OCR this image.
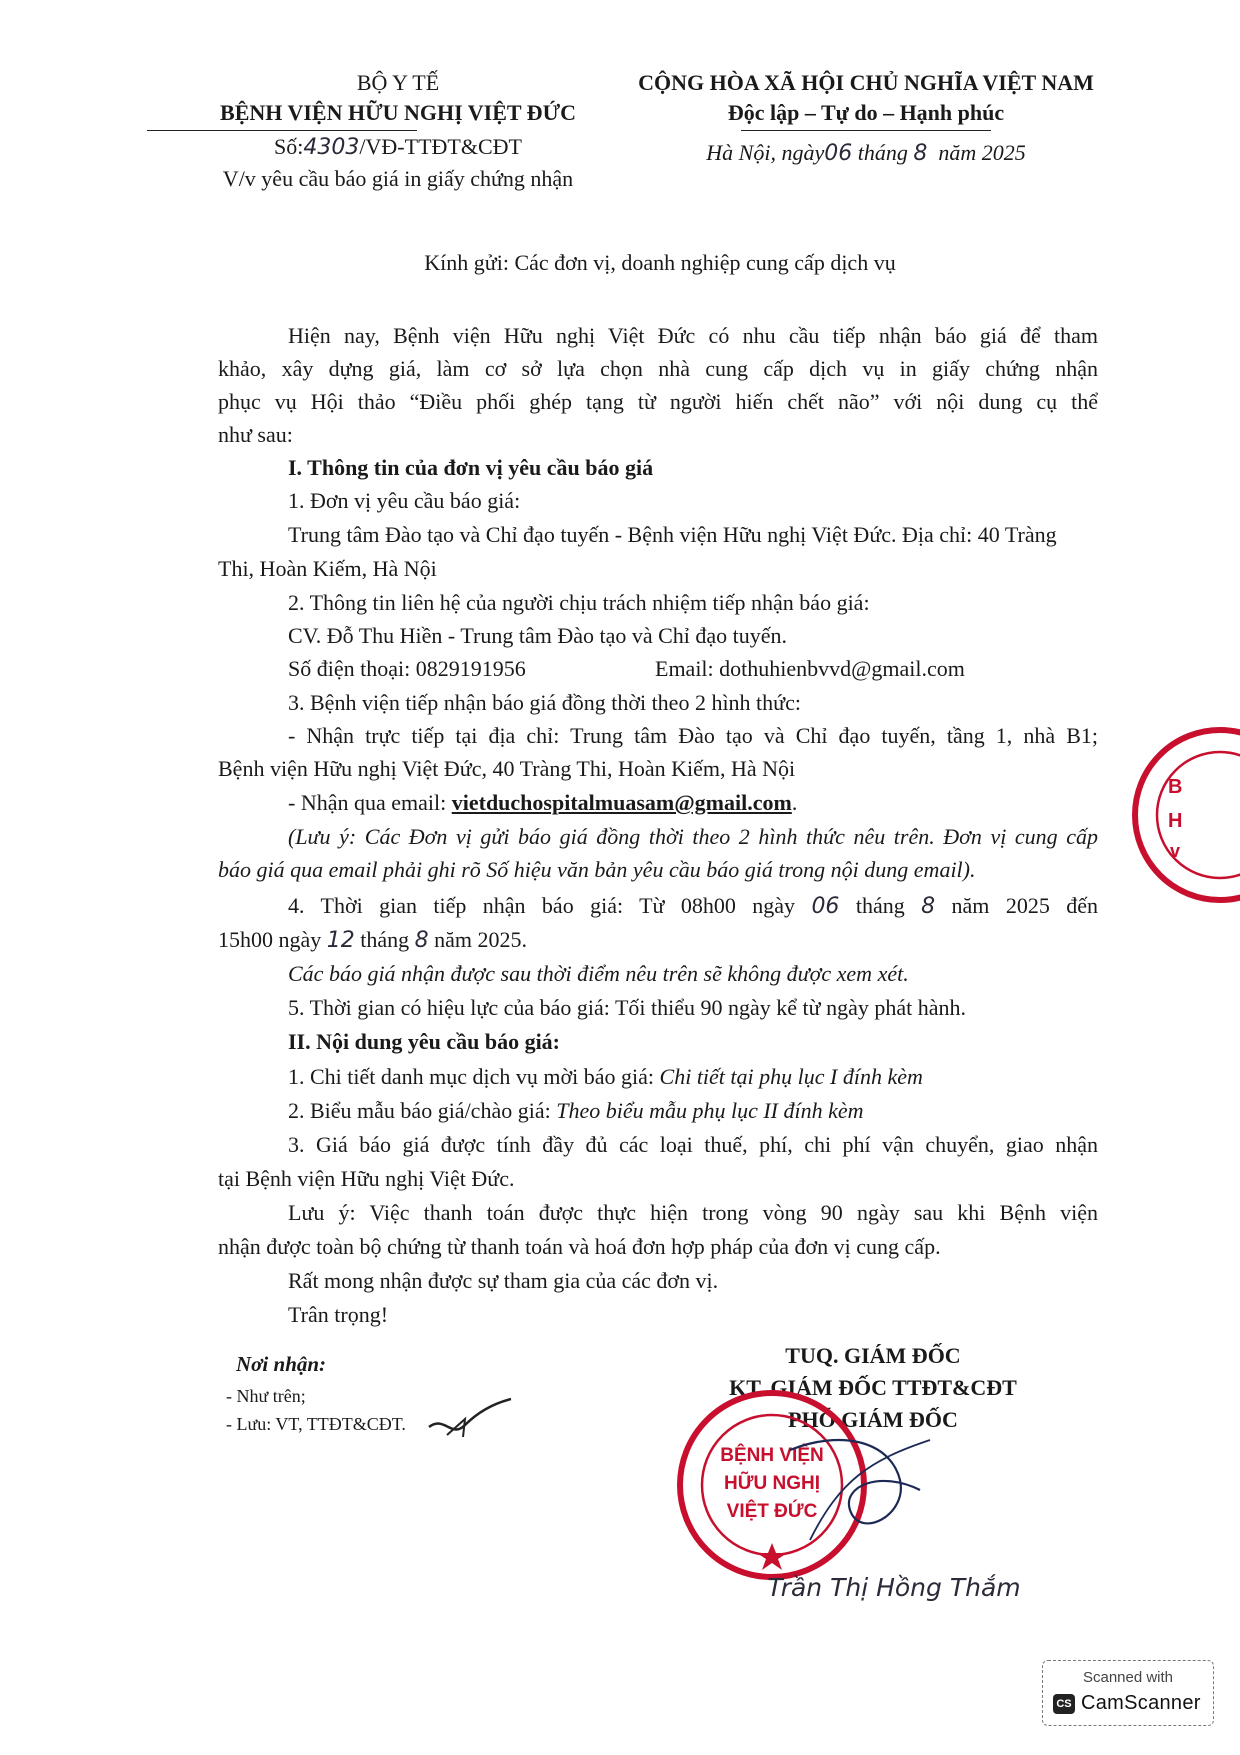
BỘ Y TẾ
BỆNH VIỆN HỮU NGHỊ VIỆT ĐỨC
Số:4303/VĐ-TTĐT&CĐT
V/v yêu cầu báo giá in giấy chứng nhận
CỘNG HÒA XÃ HỘI CHỦ NGHĨA VIỆT NAM
Độc lập – Tự do – Hạnh phúc
Hà Nội, ngày06 tháng 8 năm 2025
Kính gửi: Các đơn vị, doanh nghiệp cung cấp dịch vụ
Hiện nay, Bệnh viện Hữu nghị Việt Đức có nhu cầu tiếp nhận báo giá để tham
khảo, xây dựng giá, làm cơ sở lựa chọn nhà cung cấp dịch vụ in giấy chứng nhận
phục vụ Hội thảo “Điều phối ghép tạng từ người hiến chết não” với nội dung cụ thể
như sau:
I. Thông tin của đơn vị yêu cầu báo giá
1. Đơn vị yêu cầu báo giá:
Trung tâm Đào tạo và Chỉ đạo tuyến - Bệnh viện Hữu nghị Việt Đức. Địa chỉ: 40 Tràng
Thi, Hoàn Kiếm, Hà Nội
2. Thông tin liên hệ của người chịu trách nhiệm tiếp nhận báo giá:
CV. Đỗ Thu Hiền - Trung tâm Đào tạo và Chỉ đạo tuyến.
Số điện thoại: 0829191956	Email: dothuhienbvvd@gmail.com
3. Bệnh viện tiếp nhận báo giá đồng thời theo 2 hình thức:
- Nhận trực tiếp tại địa chỉ: Trung tâm Đào tạo và Chỉ đạo tuyến, tầng 1, nhà B1;
Bệnh viện Hữu nghị Việt Đức, 40 Tràng Thi, Hoàn Kiếm, Hà Nội
- Nhận qua email: vietduchospitalmuasam@gmail.com.
(Lưu ý: Các Đơn vị gửi báo giá đồng thời theo 2 hình thức nêu trên. Đơn vị cung cấp
báo giá qua email phải ghi rõ Số hiệu văn bản yêu cầu báo giá trong nội dung email).
4. Thời gian tiếp nhận báo giá: Từ 08h00 ngày 06 tháng 8 năm 2025 đến
15h00 ngày 12 tháng 8 năm 2025.
Các báo giá nhận được sau thời điểm nêu trên sẽ không được xem xét.
5. Thời gian có hiệu lực của báo giá: Tối thiểu 90 ngày kể từ ngày phát hành.
II. Nội dung yêu cầu báo giá:
1. Chi tiết danh mục dịch vụ mời báo giá: Chi tiết tại phụ lục I đính kèm
2. Biểu mẫu báo giá/chào giá: Theo biểu mẫu phụ lục II đính kèm
3. Giá báo giá được tính đầy đủ các loại thuế, phí, chi phí vận chuyển, giao nhận
tại Bệnh viện Hữu nghị Việt Đức.
Lưu ý: Việc thanh toán được thực hiện trong vòng 90 ngày sau khi Bệnh viện
nhận được toàn bộ chứng từ thanh toán và hoá đơn hợp pháp của đơn vị cung cấp.
Rất mong nhận được sự tham gia của các đơn vị.
Trân trọng!
Nơi nhận:
- Như trên;
- Lưu: VT, TTĐT&CĐT.
TUQ. GIÁM ĐỐC
KT. GIÁM ĐỐC TTĐT&CĐT
PHÓ GIÁM ĐỐC
BỆNH VIỆN
HỮU NGHỊ
VIỆT ĐỨC
B
H
v
Trần Thị Hồng Thắm
Scanned with
CS CamScanner
